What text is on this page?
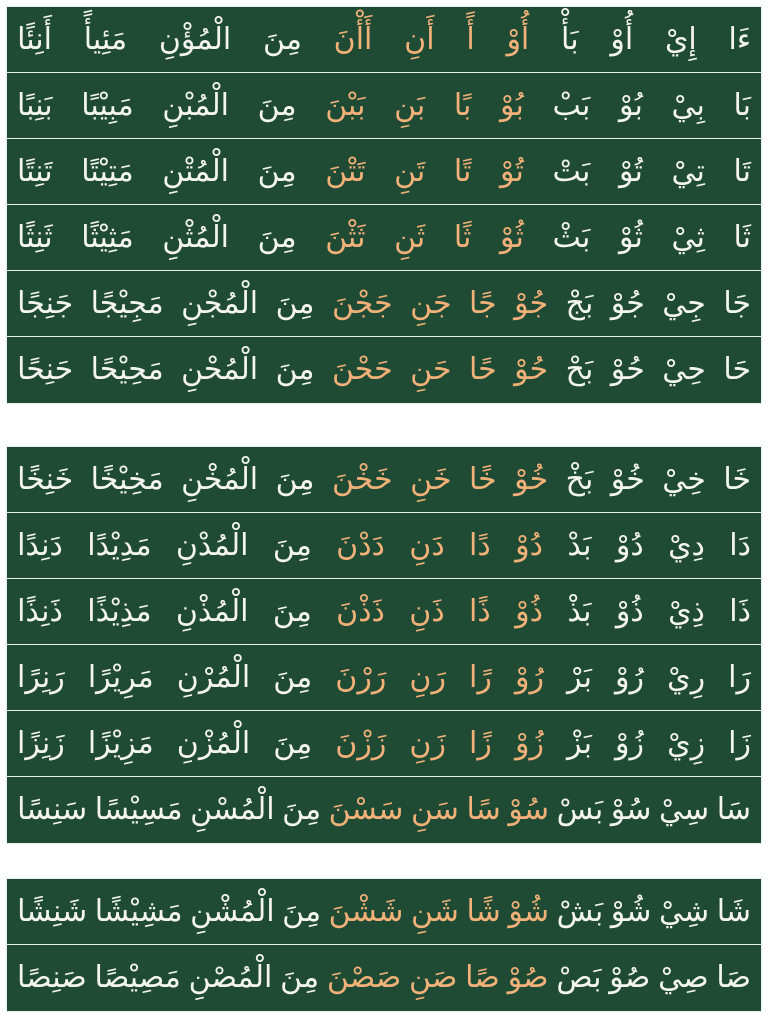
ءَا
إِيْ
أُوْ
بَأْ
أُوْ
أً
أَنِ
أَأْنَ
مِنَ
الْمُؤْنِ
مَئِيأً
أَنِئًا
بَا
بِيْ
بُوْ
بَبْ
بُوْ
بًا
بَنِ
بَبْنَ
مِنَ
الْمُبْنِ
مَبِيْبًا
بَنِبًا
تَا
تِيْ
تُوْ
بَتْ
تُوْ
تًا
تَنِ
تَتْنَ
مِنَ
الْمُتْنِ
مَتِيْتًا
تَنِتًا
ثَا
ثِيْ
ثُوْ
بَثْ
ثُوْ
ثًا
ثَنِ
ثَثْنَ
مِنَ
الْمُثْنِ
مَثِيْثًا
ثَنِثًا
جَا
جِيْ
جُوْ
بَجْ
جُوْ
جًا
جَنِ
جَجْنَ
مِنَ
الْمُجْنِ
مَجِيْجًا
جَنِجًا
حَا
حِيْ
حُوْ
بَحْ
حُوْ
حًا
حَنِ
حَحْنَ
مِنَ
الْمُحْنِ
مَحِيْحًا
حَنِحًا
خَا
خِيْ
خُوْ
بَخْ
خُوْ
خًا
خَنِ
خَخْنَ
مِنَ
الْمُخْنِ
مَخِيْخًا
خَنِخًا
دَا
دِيْ
دُوْ
بَدْ
دُوْ
دًا
دَنِ
دَدْنَ
مِنَ
الْمُدْنِ
مَدِيْدًا
دَنِدًا
ذَا
ذِيْ
ذُوْ
بَذْ
ذُوْ
ذًا
ذَنِ
ذَذْنَ
مِنَ
الْمُذْنِ
مَذِيْذًا
ذَنِذًا
رَا
رِيْ
رُوْ
بَرْ
رُوْ
رًا
رَنِ
رَرْنَ
مِنَ
الْمُرْنِ
مَرِيْرًا
رَنِرًا
زَا
زِيْ
زُوْ
بَزْ
زُوْ
زًا
زَنِ
زَزْنَ
مِنَ
الْمُزْنِ
مَزِيْزًا
زَنِزًا
سَا
سِيْ
سُوْ
بَسْ
سُوْ
سًا
سَنِ
سَسْنَ
مِنَ
الْمُسْنِ
مَسِيْسًا
سَنِسًا
شَا
شِيْ
شُوْ
بَشْ
شُوْ
شًا
شَنِ
شَشْنَ
مِنَ
الْمُشْنِ
مَشِيْشًا
شَنِشًا
صَا
صِيْ
صُوْ
بَصْ
صُوْ
صًا
صَنِ
صَصْنَ
مِنَ
الْمُصْنِ
مَصِيْصًا
صَنِصًا
